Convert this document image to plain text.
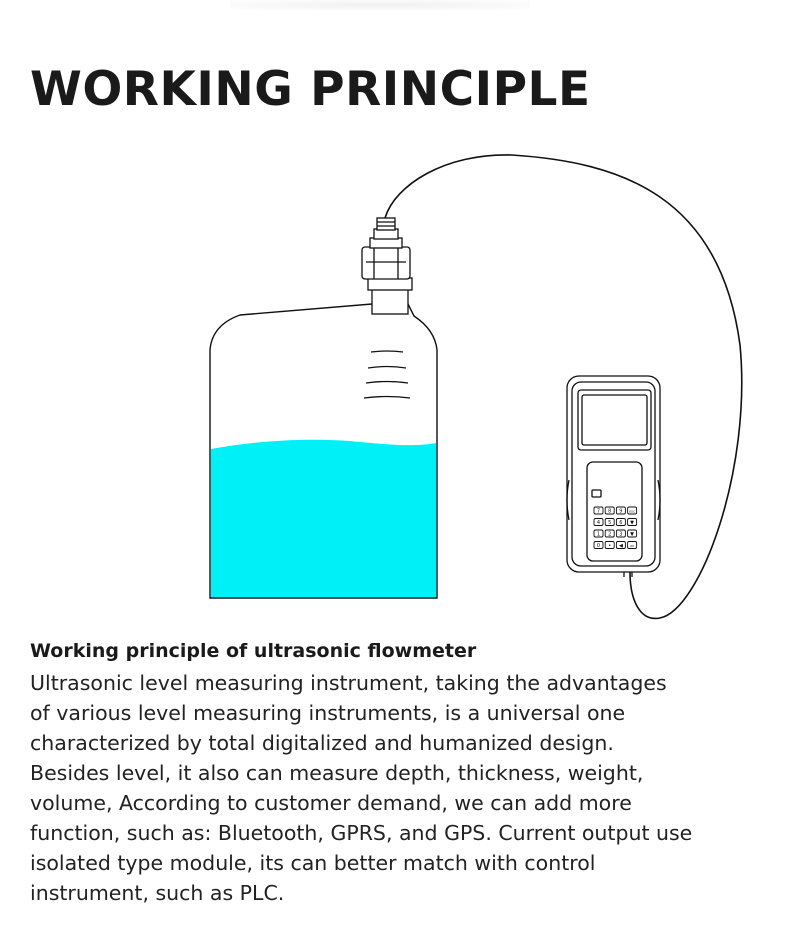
WORKING PRINCIPLE
7 8 9 ESC
4 5 6 ▼
1 2 3 ▼
0 • ◀ OK
Working principle of ultrasonic flowmeter

Ultrasonic level measuring instrument, taking the advantages
of various level measuring instruments, is a universal one
characterized by total digitalized and humanized design.
Besides level, it also can measure depth, thickness, weight,
volume, According to customer demand, we can add more
function, such as: Bluetooth, GPRS, and GPS. Current output use
isolated type module, its can better match with control
instrument, such as PLC.
